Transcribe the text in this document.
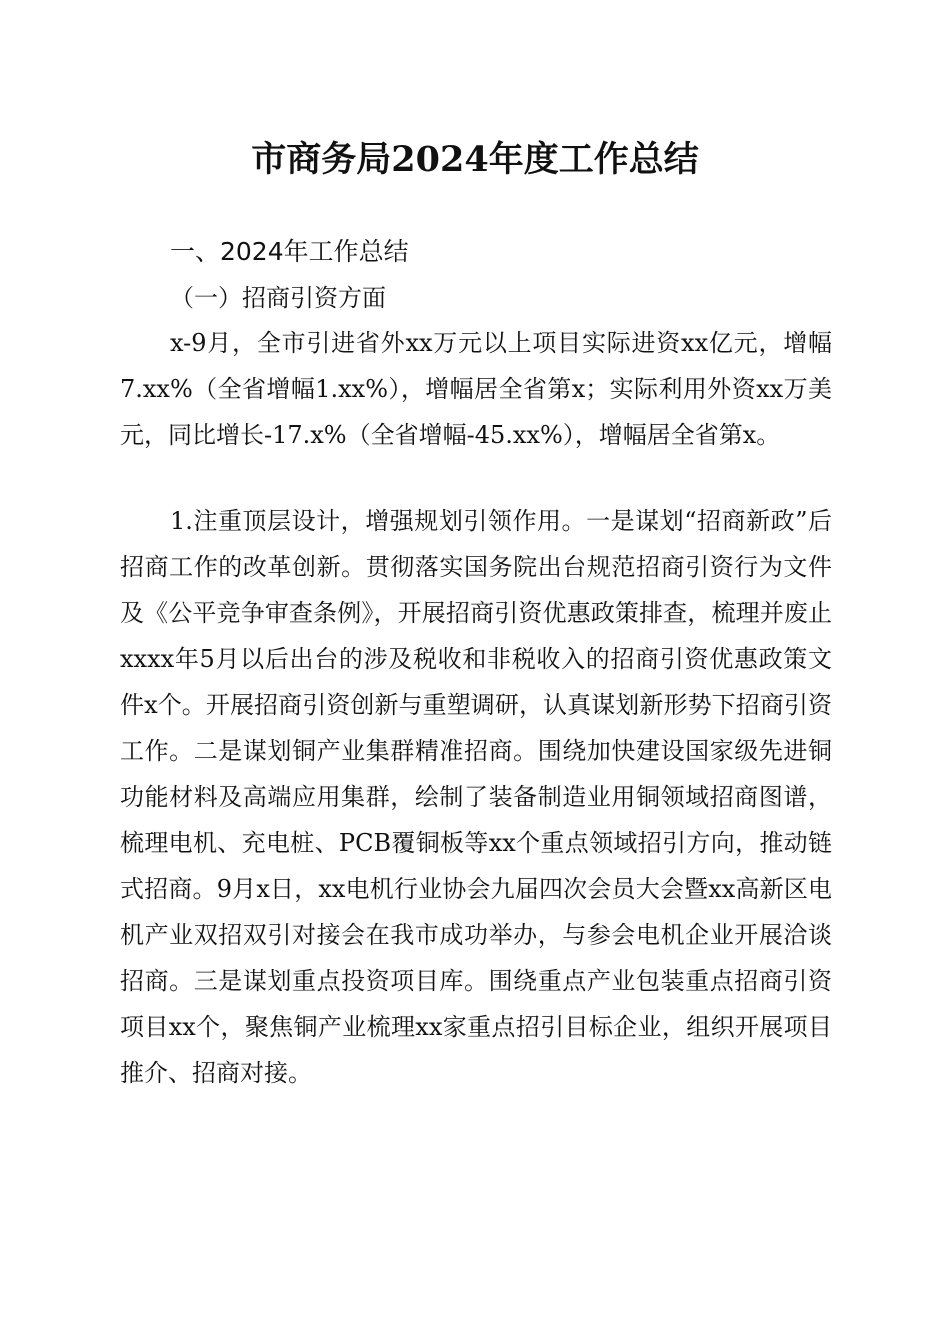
市商务局2024年度工作总结
一、2024年工作总结
（一）招商引资方面

x-9月，全市引进省外xx万元以上项目实际进资xx亿元，增幅7.xx%（全省增幅1.xx%），增幅居全省第x；实际利用外资xx万美元，同比增长-17.x%（全省增幅-45.xx%），增幅居全省第x。

1.注重顶层设计，增强规划引领作用。一是谋划“招商新政”后招商工作的改革创新。贯彻落实国务院出台规范招商引资行为文件及《公平竞争审查条例》，开展招商引资优惠政策排查，梳理并废止xxxx年5月以后出台的涉及税收和非税收入的招商引资优惠政策文件x个。开展招商引资创新与重塑调研，认真谋划新形势下招商引资工作。二是谋划铜产业集群精准招商。围绕加快建设国家级先进铜功能材料及高端应用集群，绘制了装备制造业用铜领域招商图谱，梳理电机、充电桩、PCB覆铜板等xx个重点领域招引方向，推动链式招商。9月x日，xx电机行业协会九届四次会员大会暨xx高新区电机产业双招双引对接会在我市成功举办，与参会电机企业开展洽谈招商。三是谋划重点投资项目库。围绕重点产业包装重点招商引资项目xx个，聚焦铜产业梳理xx家重点招引目标企业，组织开展项目推介、招商对接。
